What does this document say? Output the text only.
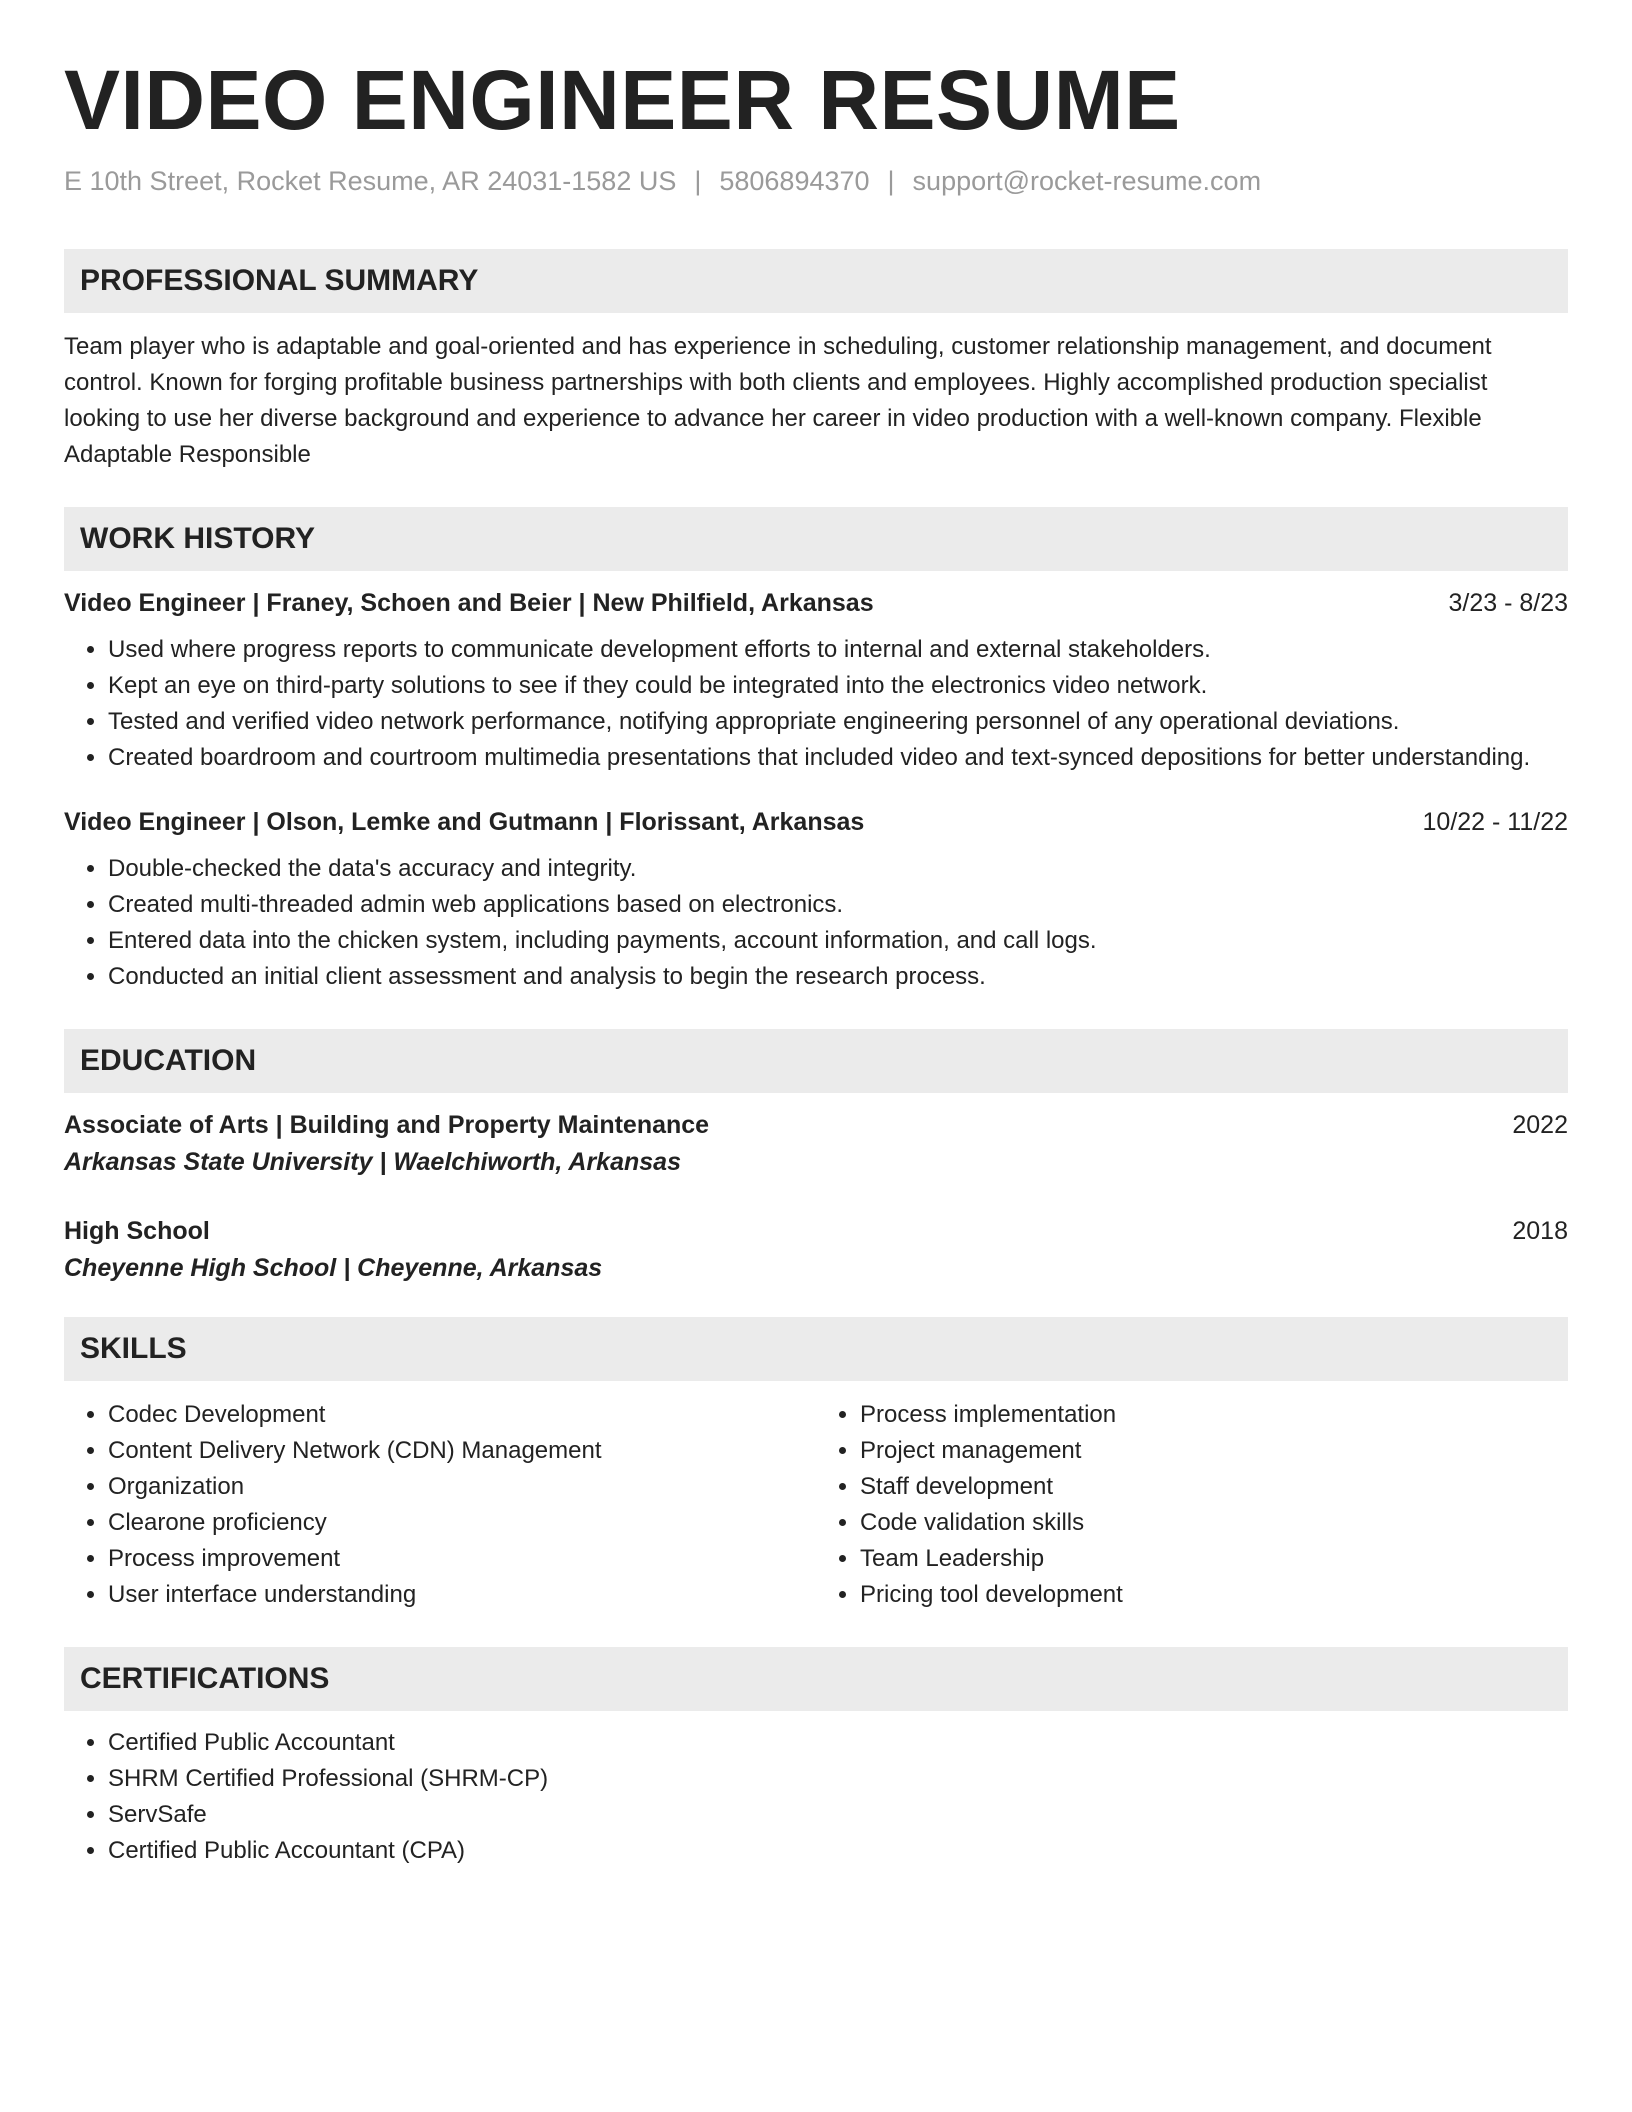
VIDEO ENGINEER RESUME
E 10th Street, Rocket Resume, AR 24031-1582 US | 5806894370 | support@rocket-resume.com
PROFESSIONAL SUMMARY
Team player who is adaptable and goal-oriented and has experience in scheduling, customer relationship management, and document control. Known for forging profitable business partnerships with both clients and employees. Highly accomplished production specialist looking to use her diverse background and experience to advance her career in video production with a well-known company. Flexible Adaptable Responsible
WORK HISTORY
Video Engineer | Franey, Schoen and Beier | New Philfield, Arkansas	3/23 - 8/23
• Used where progress reports to communicate development efforts to internal and external stakeholders.
• Kept an eye on third-party solutions to see if they could be integrated into the electronics video network.
• Tested and verified video network performance, notifying appropriate engineering personnel of any operational deviations.
• Created boardroom and courtroom multimedia presentations that included video and text-synced depositions for better understanding.
Video Engineer | Olson, Lemke and Gutmann | Florissant, Arkansas	10/22 - 11/22
• Double-checked the data's accuracy and integrity.
• Created multi-threaded admin web applications based on electronics.
• Entered data into the chicken system, including payments, account information, and call logs.
• Conducted an initial client assessment and analysis to begin the research process.
EDUCATION
Associate of Arts | Building and Property Maintenance	2022
Arkansas State University | Waelchiworth, Arkansas
High School	2018
Cheyenne High School | Cheyenne, Arkansas
SKILLS
• Codec Development
• Content Delivery Network (CDN) Management
• Organization
• Clearone proficiency
• Process improvement
• User interface understanding
• Process implementation
• Project management
• Staff development
• Code validation skills
• Team Leadership
• Pricing tool development
CERTIFICATIONS
• Certified Public Accountant
• SHRM Certified Professional (SHRM-CP)
• ServSafe
• Certified Public Accountant (CPA)
